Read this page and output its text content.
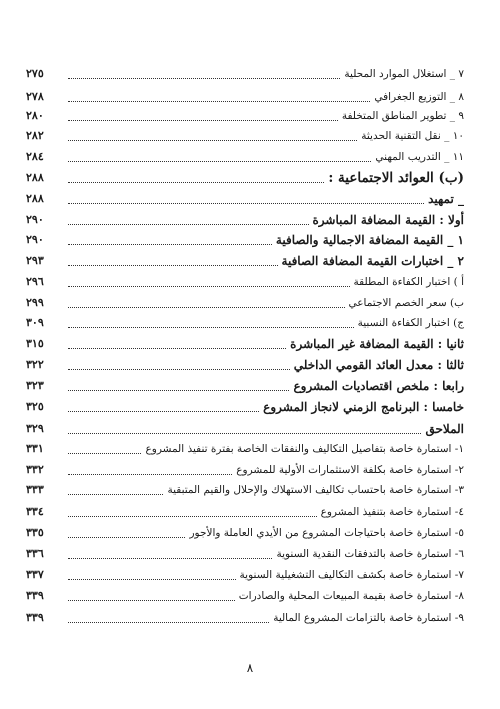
٧ _ استغلال الموارد المحلية
٢٧٥
٨ _ التوزيع الجغرافي
٢٧٨
٩ _ تطوير المناطق المتخلفة
٢٨٠
١٠ _ نقل التقنية الحديثة
٢٨٢
١١ _ التدريب المهني
٢٨٤
(ب) العوائد الاجتماعية :
٢٨٨
_ تمهيد
٢٨٨
أولا : القيمة المضافة المباشرة
٢٩٠
١ _ القيمة المضافة الاجمالية والصافية
٢٩٠
٢ _ اختبارات القيمة المضافة الصافية
٢٩٣
أ ) اختبار الكفاءة المطلقة
٢٩٦
ب) سعر الخصم الاجتماعي
٢٩٩
ج) اختبار الكفاءة النسبية
٣٠٩
ثانيا : القيمة المضافة غير المباشرة
٣١٥
ثالثا : معدل العائد القومي الداخلي
٣٢٢
رابعا : ملخص اقتصاديات المشروع
٣٢٣
خامسا : البرنامج الزمني لانجاز المشروع
٣٢٥
الملاحق
٣٢٩
١- استمارة خاصة بتفاصيل التكاليف والنفقات الخاصة بفترة تنفيذ المشروع
٣٣١
٢- استمارة خاصة بكلفة الاستثمارات الأولية للمشروع
٣٣٢
٣- استمارة خاصة باحتساب تكاليف الاستهلاك والإحلال والقيم المتبقية
٣٣٣
٤- استمارة خاصة بتنفيذ المشروع
٣٣٤
٥- استمارة خاصة باحتياجات المشروع من الأيدي العاملة والأجور
٣٣٥
٦- استمارة خاصة بالتدفقات النقدية السنوية
٣٣٦
٧- استمارة خاصة بكشف التكاليف التشغيلية السنوية
٣٣٧
٨- استمارة خاصة بقيمة المبيعات المحلية والصادرات
٣٣٩
٩- استمارة خاصة بالتزامات المشروع المالية
٣٣٩
٨
